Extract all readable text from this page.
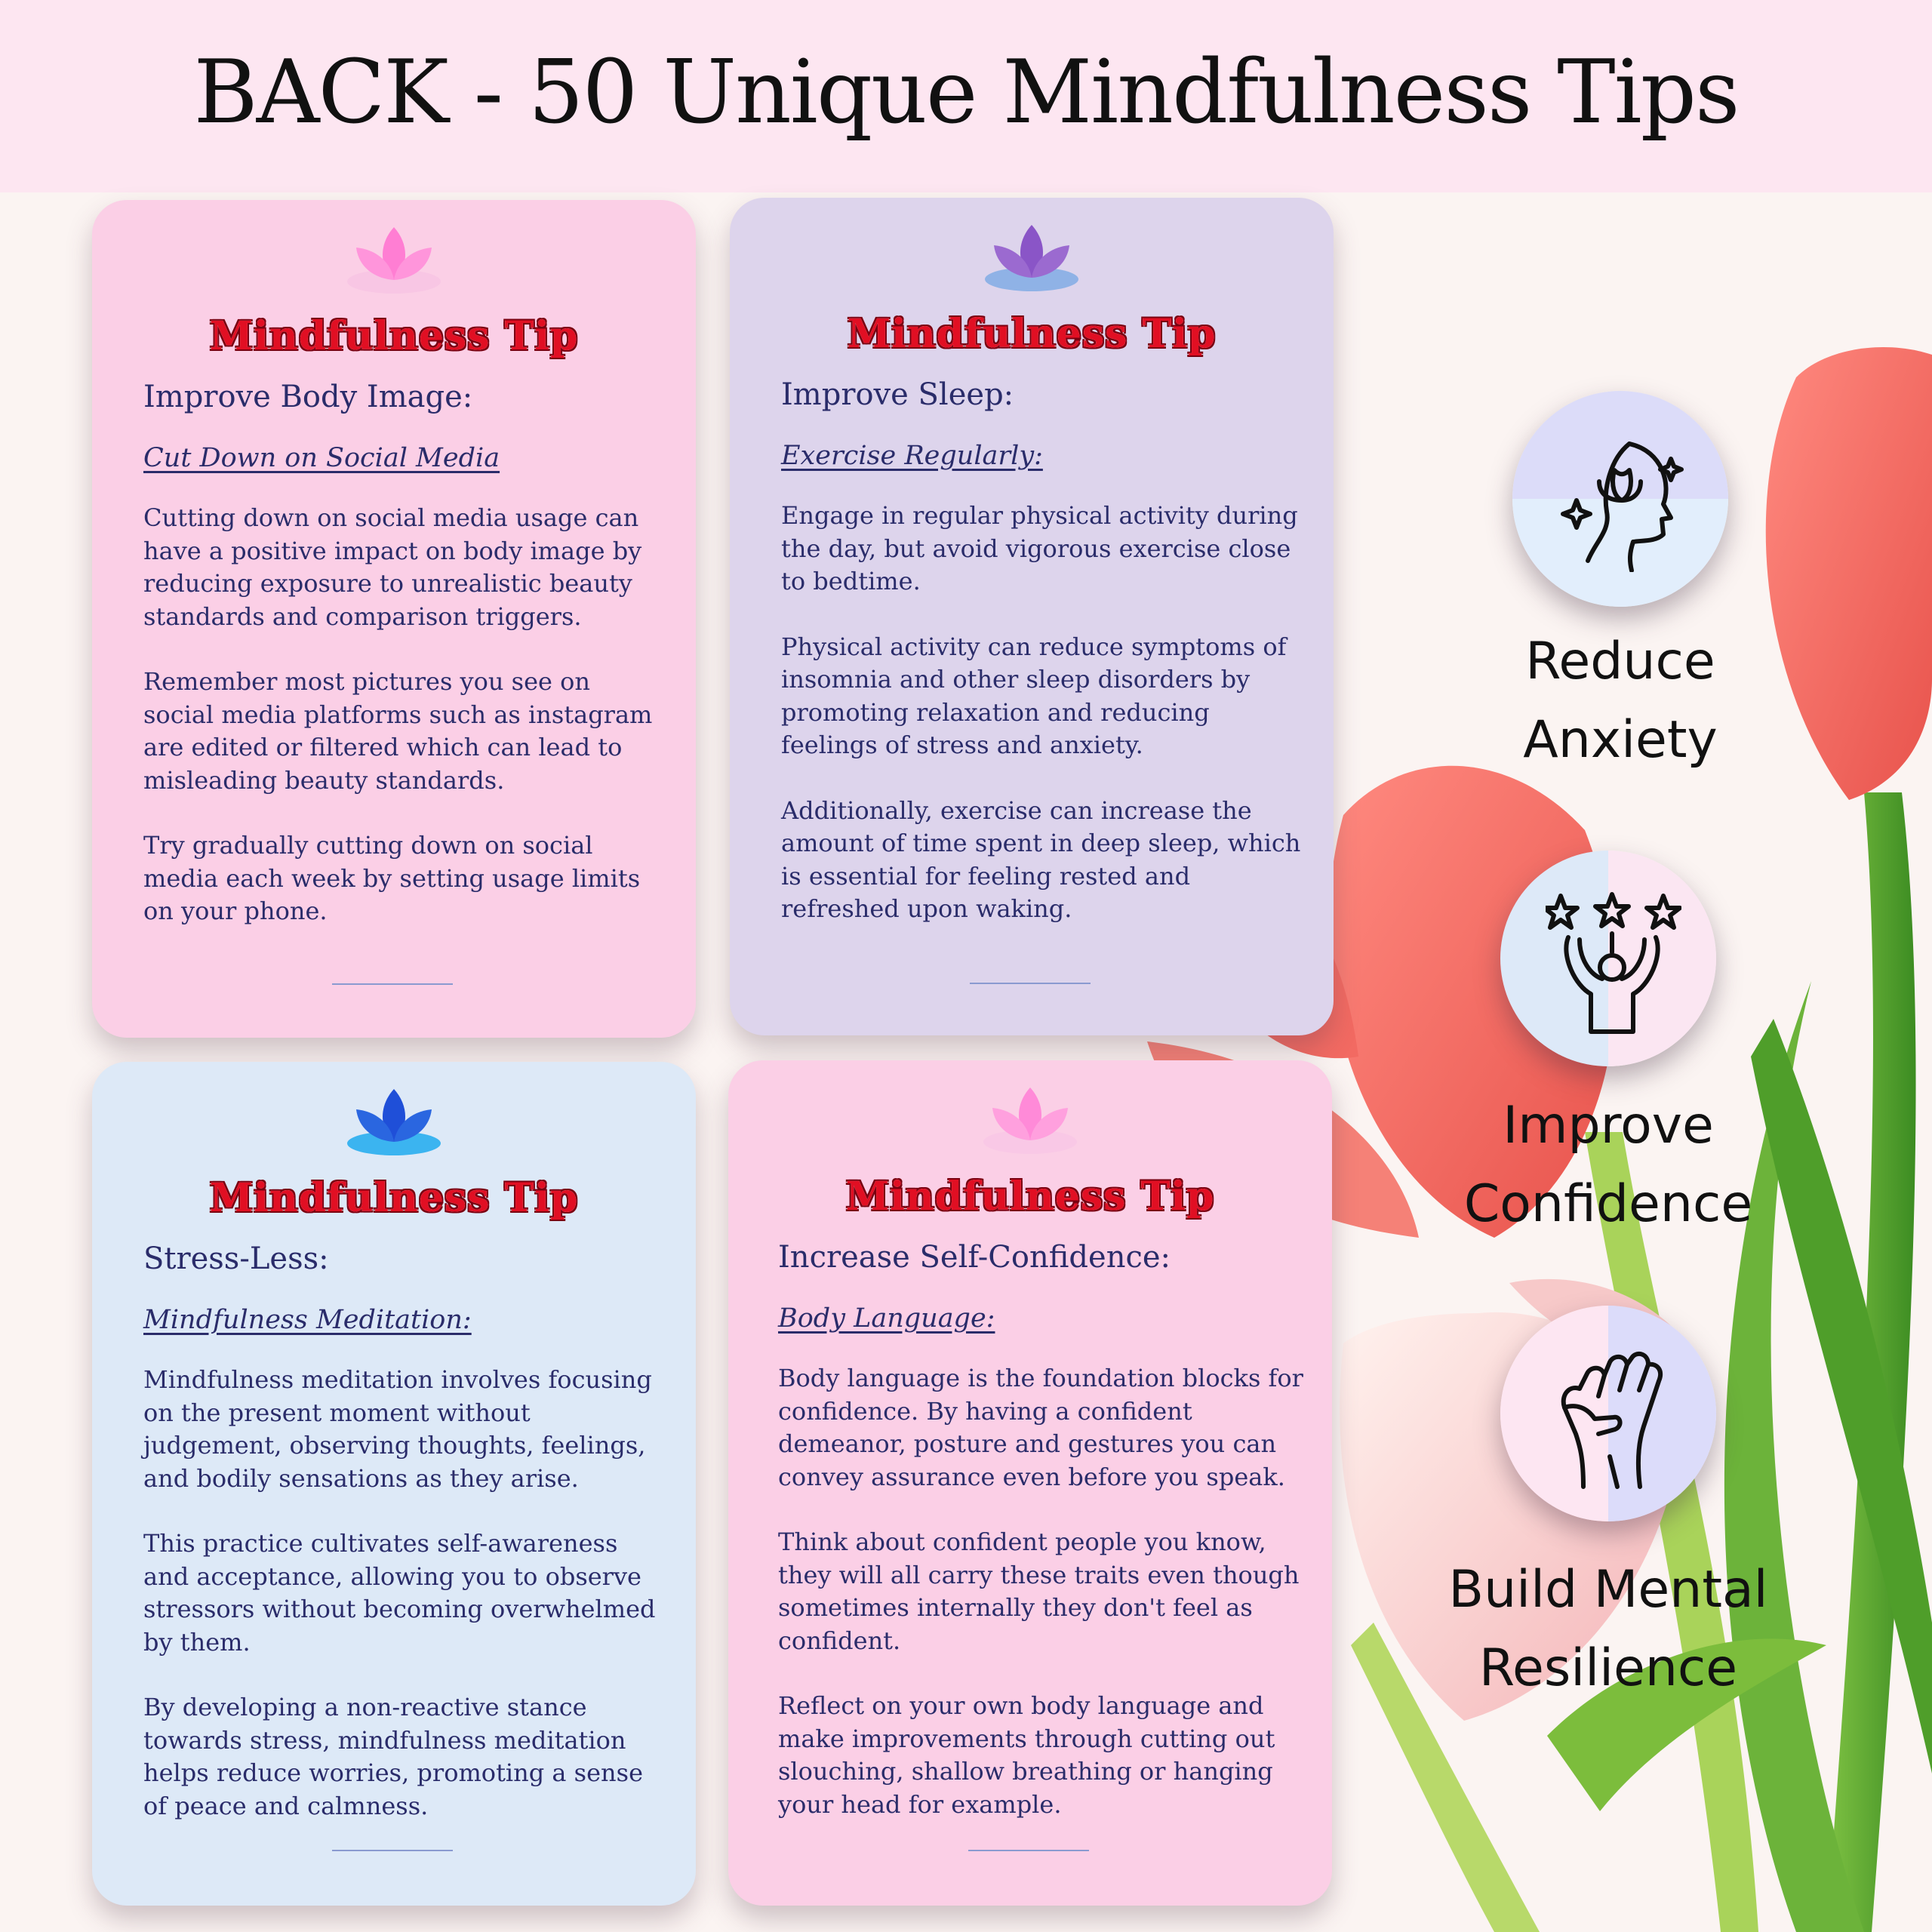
BACK - 50 Unique Mindfulness Tips
Mindfulness Tip
Improve Body Image:
Cut Down on Social Media

Cutting down on social media usage can have a positive impact on body image by reducing exposure to unrealistic beauty standards and comparison triggers.

Remember most pictures you see on social media platforms such as instagram are edited or filtered which can lead to misleading beauty standards.

Try gradually cutting down on social media each week by setting usage limits on your phone.

Mindfulness Tip
Improve Sleep:
Exercise Regularly:

Engage in regular physical activity during the day, but avoid vigorous exercise close to bedtime.

Physical activity can reduce symptoms of insomnia and other sleep disorders by promoting relaxation and reducing feelings of stress and anxiety.

Additionally, exercise can increase the amount of time spent in deep sleep, which is essential for feeling rested and refreshed upon waking.

Mindfulness Tip
Stress-Less:
Mindfulness Meditation:

Mindfulness meditation involves focusing on the present moment without judgement, observing thoughts, feelings, and bodily sensations as they arise.

This practice cultivates self-awareness and acceptance, allowing you to observe stressors without becoming overwhelmed by them.

By developing a non-reactive stance towards stress, mindfulness meditation helps reduce worries, promoting a sense of peace and calmness.

Mindfulness Tip
Increase Self-Confidence:
Body Language:

Body language is the foundation blocks for confidence. By having a confident demeanor, posture and gestures you can convey assurance even before you speak.

Think about confident people you know, they will all carry these traits even though sometimes internally they don't feel as confident.

Reflect on your own body language and make improvements through cutting out slouching, shallow breathing or hanging your head for example.

Reduce
Anxiety
Improve
Confidence
Build Mental
Resilience
